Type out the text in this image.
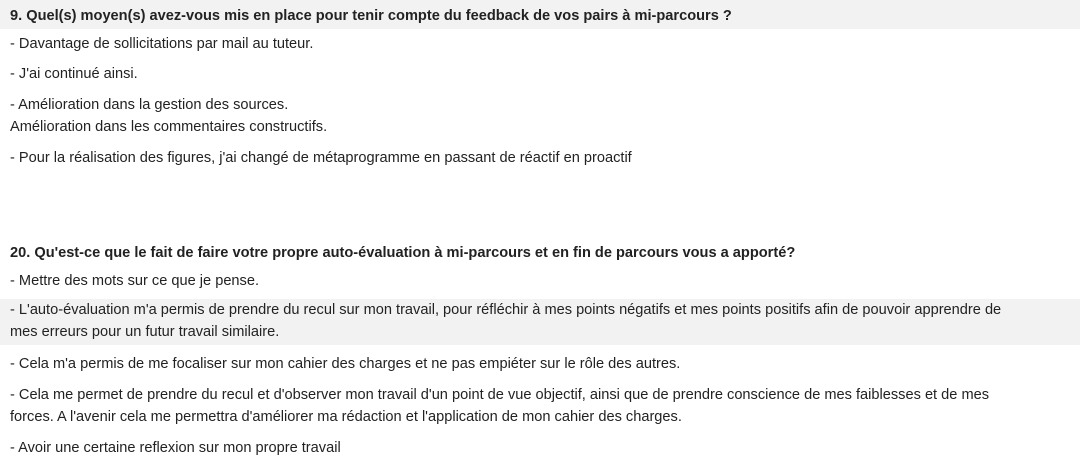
9. Quel(s) moyen(s) avez-vous mis en place pour tenir compte du feedback de vos pairs à mi-parcours ?
- Davantage de sollicitations par mail au tuteur.
- J'ai continué ainsi.
- Amélioration dans la gestion des sources.
Amélioration dans les commentaires constructifs.
- Pour la réalisation des figures, j'ai changé de métaprogramme en passant de réactif en proactif
20. Qu'est-ce que le fait de faire votre propre auto-évaluation à mi-parcours et en fin de parcours vous a apporté?
- Mettre des mots sur ce que je pense.
- L'auto-évaluation m'a permis de prendre du recul sur mon travail, pour réfléchir à mes points négatifs et mes points positifs afin de pouvoir apprendre de
mes erreurs pour un futur travail similaire.
- Cela m'a permis de me focaliser sur mon cahier des charges et ne pas empiéter sur le rôle des autres.
- Cela me permet de prendre du recul et d'observer mon travail d'un point de vue objectif, ainsi que de prendre conscience de mes faiblesses et de mes
forces. A l'avenir cela me permettra d'améliorer ma rédaction et l'application de mon cahier des charges.
- Avoir une certaine reflexion sur mon propre travail
